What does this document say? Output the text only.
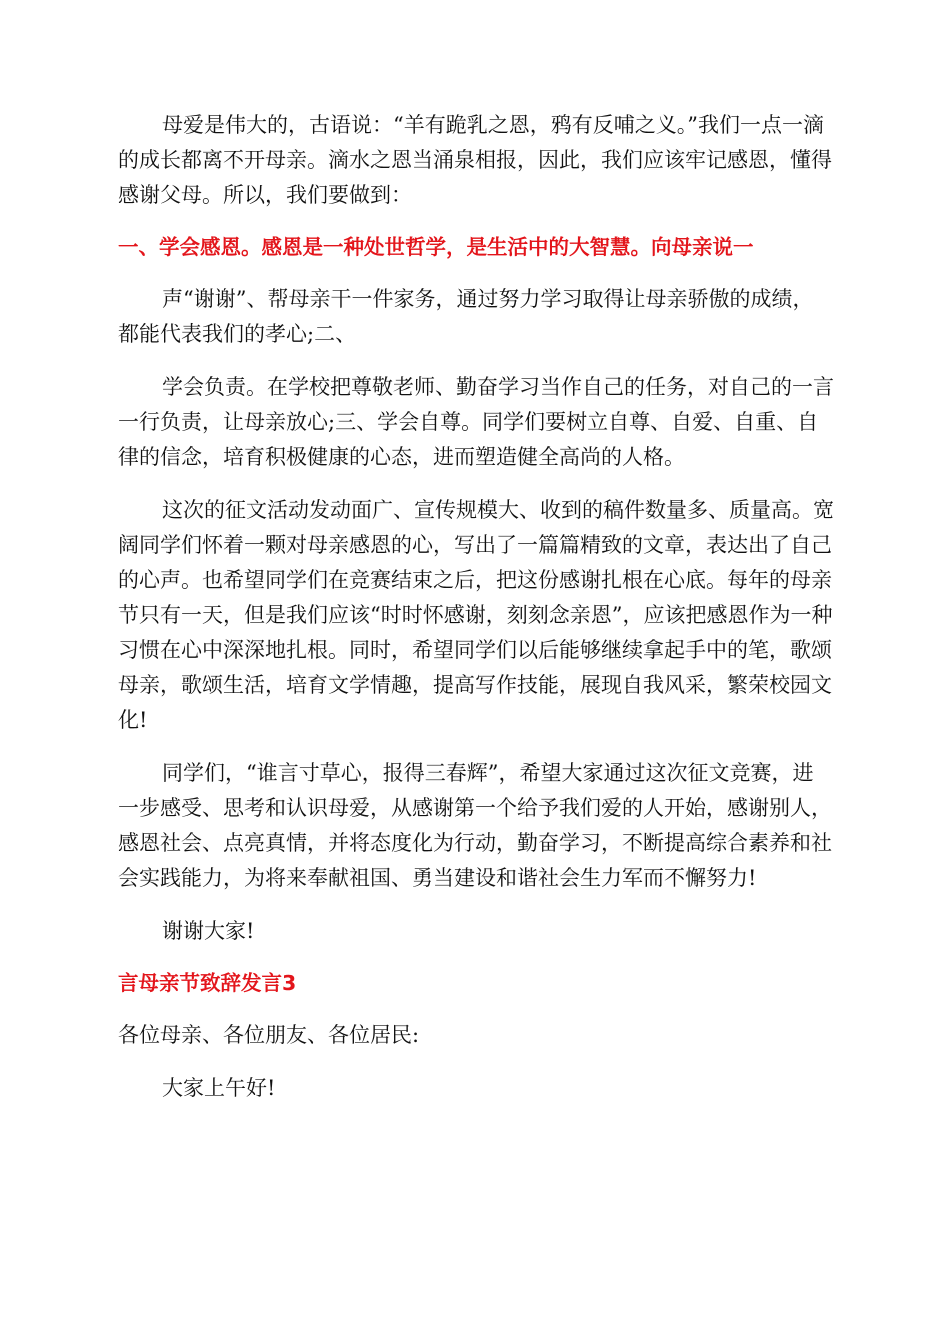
母爱是伟大的，古语说：“羊有跪乳之恩，鸦有反哺之义。”我们一点一滴的成长都离不开母亲。滴水之恩当涌泉相报，因此，我们应该牢记感恩，懂得感谢父母。所以，我们要做到：

一、学会感恩。感恩是一种处世哲学，是生活中的大智慧。向母亲说一

声“谢谢”、帮母亲干一件家务，通过努力学习取得让母亲骄傲的成绩，都能代表我们的孝心;二、

学会负责。在学校把尊敬老师、勤奋学习当作自己的任务，对自己的一言一行负责，让母亲放心;三、学会自尊。同学们要树立自尊、自爱、自重、自律的信念，培育积极健康的心态，进而塑造健全高尚的人格。

这次的征文活动发动面广、宣传规模大、收到的稿件数量多、质量高。宽阔同学们怀着一颗对母亲感恩的心，写出了一篇篇精致的文章，表达出了自己的心声。也希望同学们在竞赛结束之后，把这份感谢扎根在心底。每年的母亲节只有一天，但是我们应该“时时怀感谢，刻刻念亲恩”，应该把感恩作为一种习惯在心中深深地扎根。同时，希望同学们以后能够继续拿起手中的笔，歌颂母亲，歌颂生活，培育文学情趣，提高写作技能，展现自我风采，繁荣校园文化!

同学们，“谁言寸草心，报得三春辉”，希望大家通过这次征文竞赛，进一步感受、思考和认识母爱，从感谢第一个给予我们爱的人开始，感谢别人，感恩社会、点亮真情，并将态度化为行动，勤奋学习，不断提高综合素养和社会实践能力，为将来奉献祖国、勇当建设和谐社会生力军而不懈努力!

谢谢大家!

言母亲节致辞发言3

各位母亲、各位朋友、各位居民:

大家上午好!
